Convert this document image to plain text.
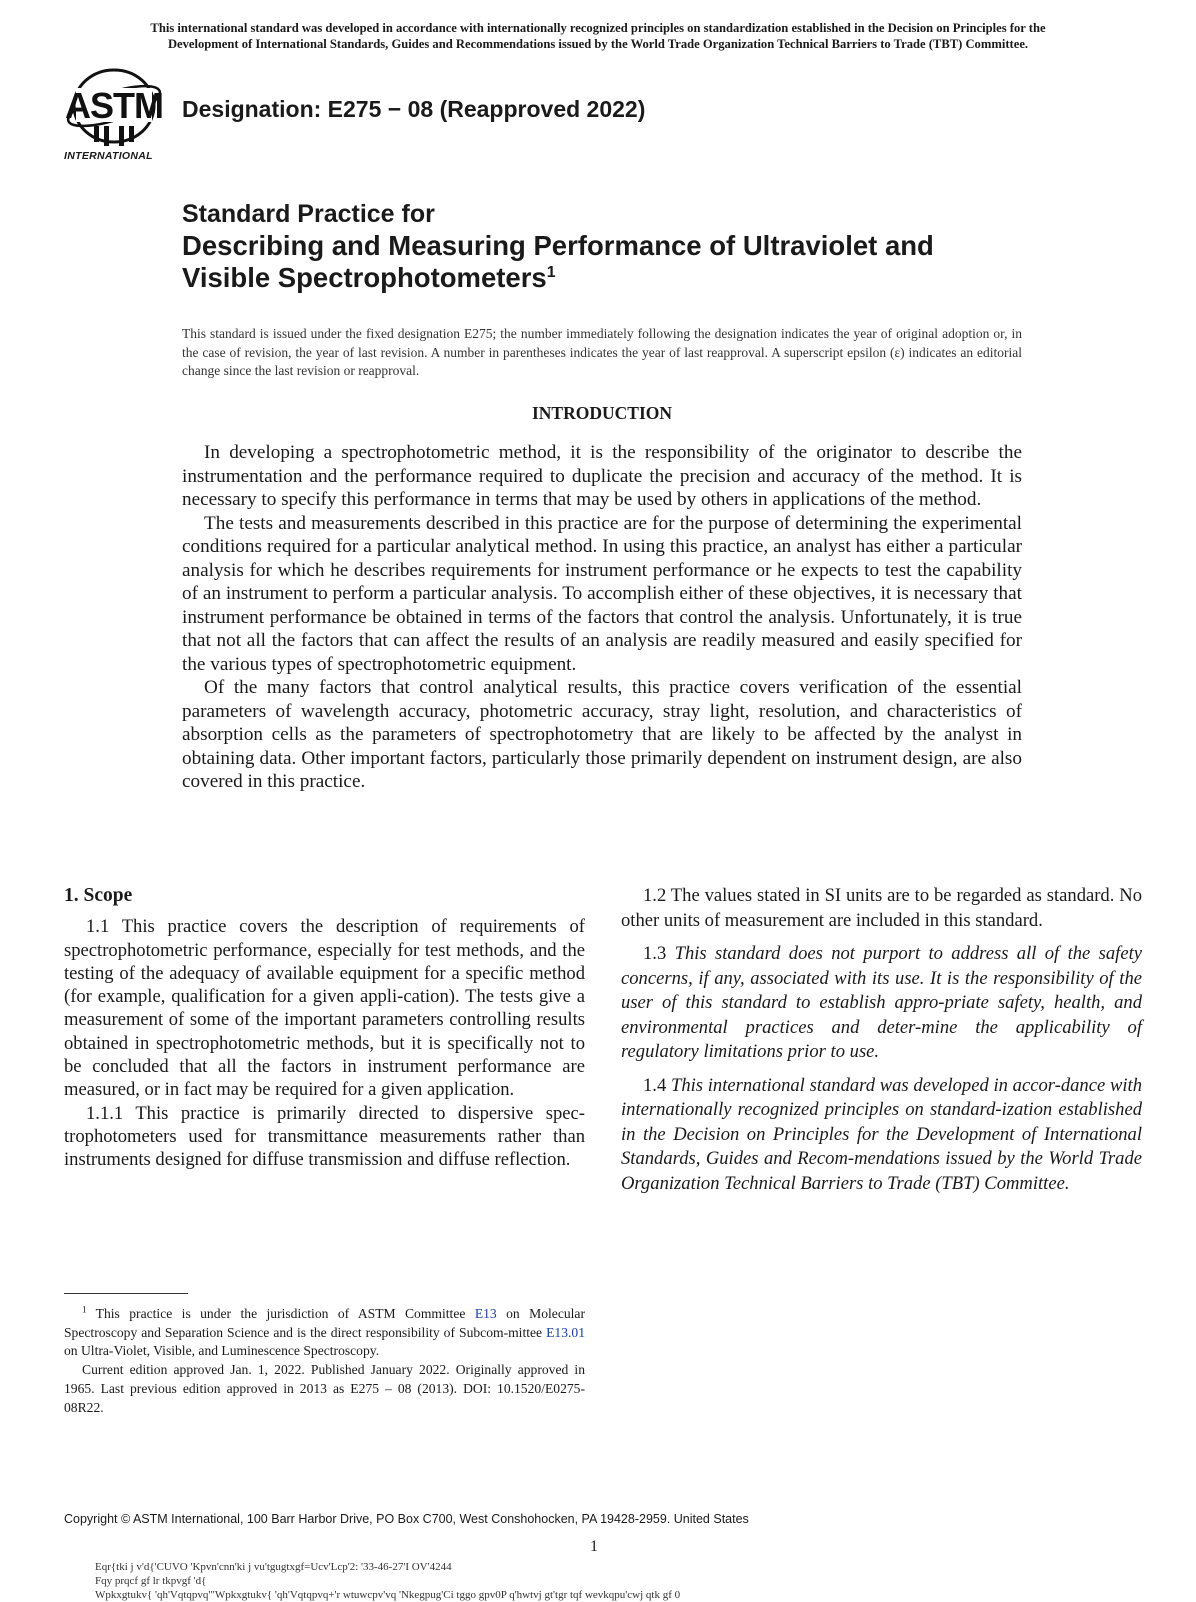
This international standard was developed in accordance with internationally recognized principles on standardization established in the Decision on Principles for the
Development of International Standards, Guides and Recommendations issued by the World Trade Organization Technical Barriers to Trade (TBT) Committee.
ASTM
INTERNATIONAL
Designation: E275 − 08 (Reapproved 2022)
Standard Practice for
Describing and Measuring Performance of Ultraviolet and
Visible Spectrophotometers$^1$
This standard is issued under the fixed designation E275; the number immediately following the designation indicates the year of original adoption or, in the case of revision, the year of last revision. A number in parentheses indicates the year of last reapproval. A superscript epsilon (ε) indicates an editorial change since the last revision or reapproval.
INTRODUCTION

In developing a spectrophotometric method, it is the responsibility of the originator to describe the instrumentation and the performance required to duplicate the precision and accuracy of the method. It is necessary to specify this performance in terms that may be used by others in applications of the method.

The tests and measurements described in this practice are for the purpose of determining the experimental conditions required for a particular analytical method. In using this practice, an analyst has either a particular analysis for which he describes requirements for instrument performance or he expects to test the capability of an instrument to perform a particular analysis. To accomplish either of these objectives, it is necessary that instrument performance be obtained in terms of the factors that control the analysis. Unfortunately, it is true that not all the factors that can affect the results of an analysis are readily measured and easily specified for the various types of spectrophotometric equipment.

Of the many factors that control analytical results, this practice covers verification of the essential parameters of wavelength accuracy, photometric accuracy, stray light, resolution, and characteristics of absorption cells as the parameters of spectrophotometry that are likely to be affected by the analyst in obtaining data. Other important factors, particularly those primarily dependent on instrument design, are also covered in this practice.

1. Scope

1.1 This practice covers the description of requirements of spectrophotometric performance, especially for test methods, and the testing of the adequacy of available equipment for a specific method (for example, qualification for a given appli-cation). The tests give a measurement of some of the important parameters controlling results obtained in spectrophotometric methods, but it is specifically not to be concluded that all the factors in instrument performance are measured, or in fact may be required for a given application.

1.1.1 This practice is primarily directed to dispersive spec-trophotometers used for transmittance measurements rather than instruments designed for diffuse transmission and diffuse reflection.

1.2 The values stated in SI units are to be regarded as standard. No other units of measurement are included in this standard.

1.3 This standard does not purport to address all of the safety concerns, if any, associated with its use. It is the responsibility of the user of this standard to establish appro-priate safety, health, and environmental practices and deter-mine the applicability of regulatory limitations prior to use.

1.4 This international standard was developed in accor-dance with internationally recognized principles on standard-ization established in the Decision on Principles for the Development of International Standards, Guides and Recom-mendations issued by the World Trade Organization Technical Barriers to Trade (TBT) Committee.

$^1$ This practice is under the jurisdiction of ASTM Committee E13 on Molecular Spectroscopy and Separation Science and is the direct responsibility of Subcom-mittee E13.01 on Ultra-Violet, Visible, and Luminescence Spectroscopy.

Current edition approved Jan. 1, 2022. Published January 2022. Originally approved in 1965. Last previous edition approved in 2013 as E275 – 08 (2013). DOI: 10.1520/E0275-08R22.

Copyright © ASTM International, 100 Barr Harbor Drive, PO Box C700, West Conshohocken, PA 19428-2959. United States
1
Eqr{tki j v'd{'CUVO 'Kpvn'cnn'ki j vu'tgugtxgf=Ucv'Lcp'2: '33-46-27'I OV'4244
Fqy prqcf gf lr tkpvgf 'd{
Wpkxgtukv{ 'qh'Vqtqpvq'"Wpkxgtukv{ 'qh'Vqtqpvq+'r wtuwcpv'vq 'Nkegpug'Ci tggo gpv0P q'hwtvj gt'tgr tqf wevkqpu'cwj qtk gf 0
